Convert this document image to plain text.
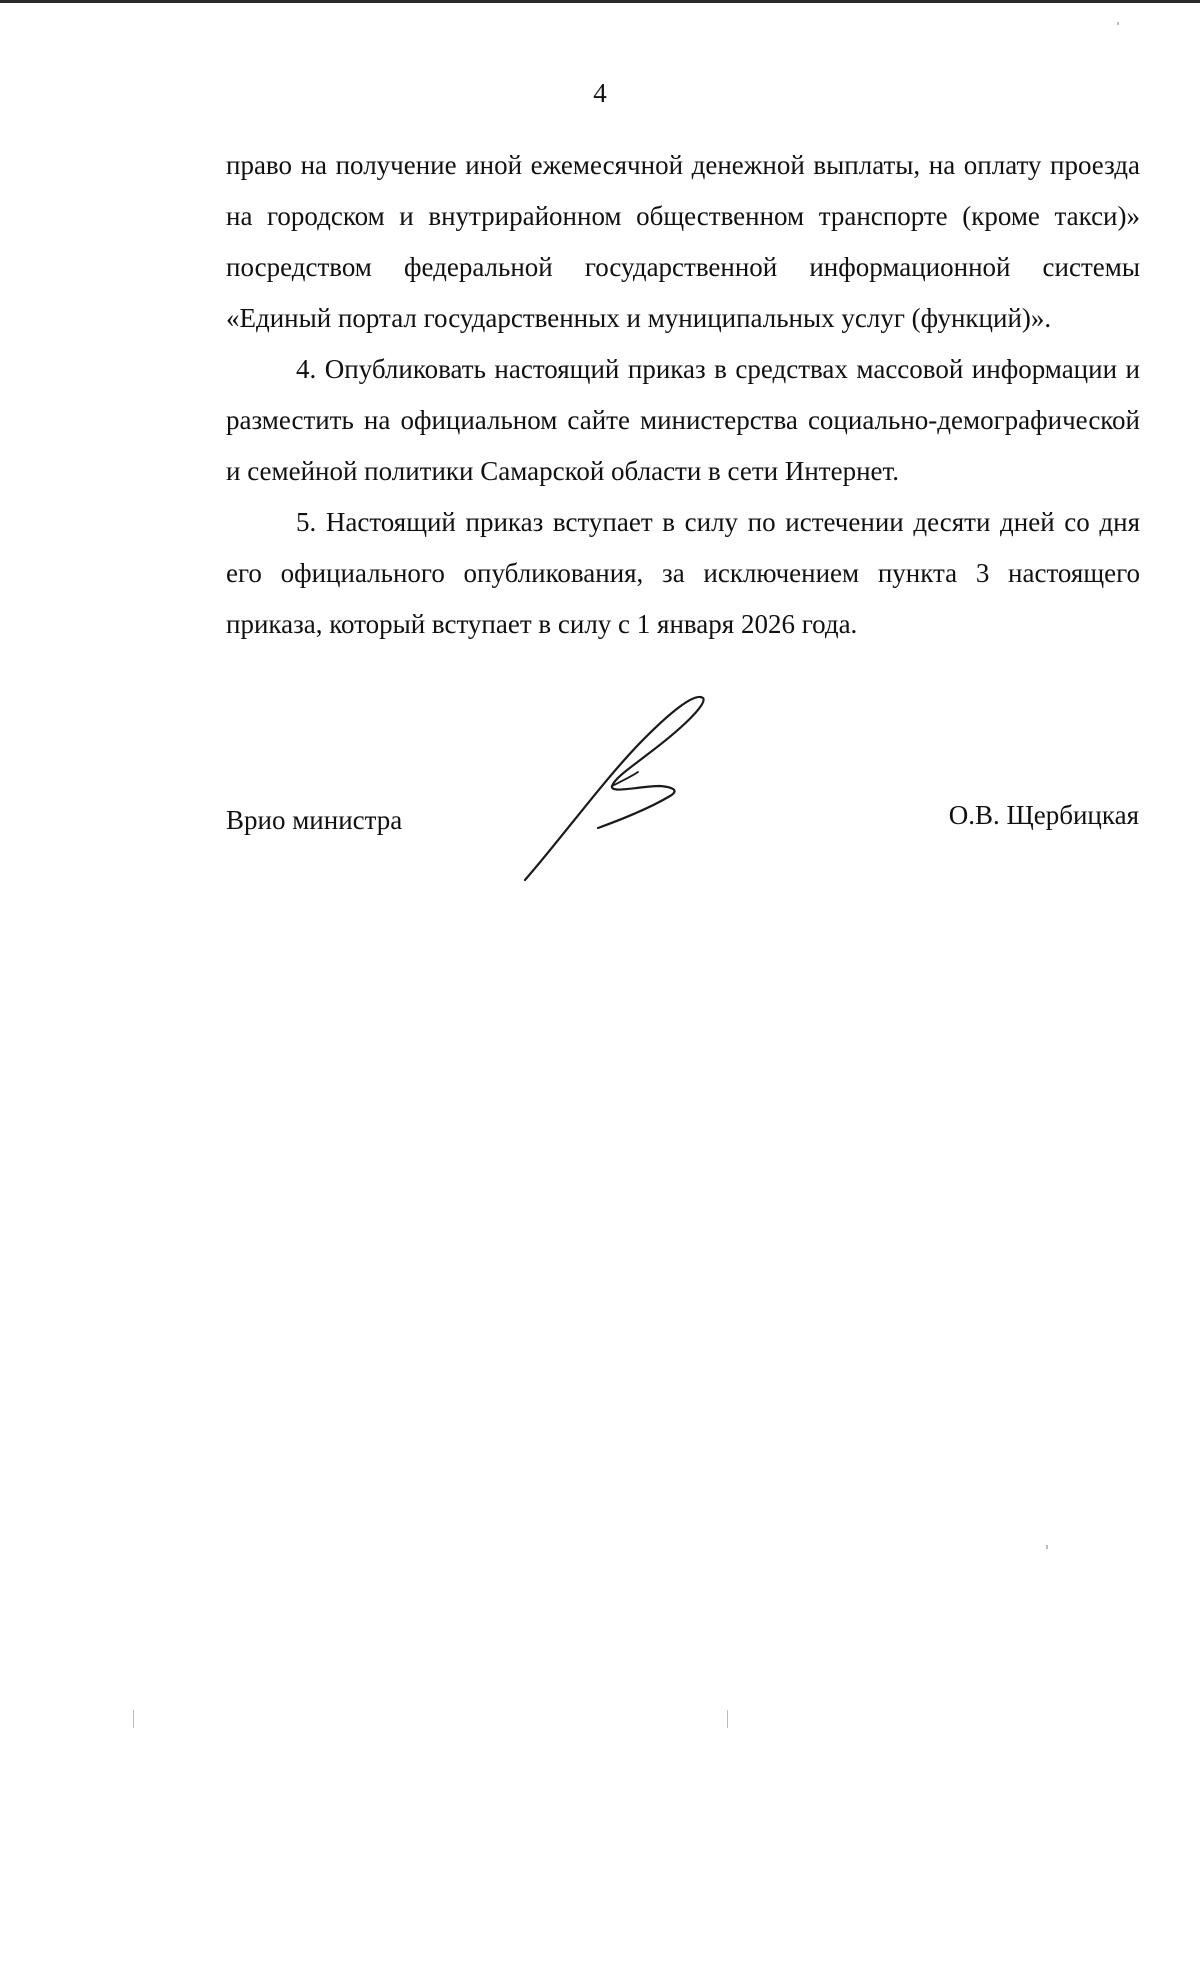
4

право на получение иной ежемесячной денежной выплаты, на оплату проезда на городском и внутрирайонном общественном транспорте (кроме такси)» посредством федеральной государственной информационной системы «Единый портал государственных и муниципальных услуг (функций)».

4. Опубликовать настоящий приказ в средствах массовой информации и разместить на официальном сайте министерства социально-демографической и семейной политики Самарской области в сети Интернет.

5. Настоящий приказ вступает в силу по истечении десяти дней со дня его официального опубликования, за исключением пункта 3 настоящего приказа, который вступает в силу с 1 января 2026 года.

Врио министра	О.В. Щербицкая
